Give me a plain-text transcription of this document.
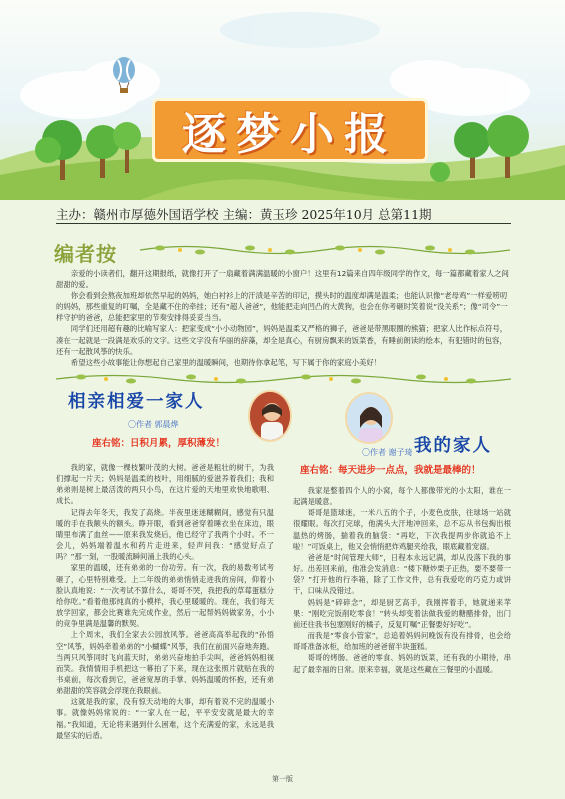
逐梦小报
主办：赣州市厚德外国语学校 主编：黄玉珍 2025年10月 总第11期
编者按

亲爱的小读者们，翻开这期报纸，就像打开了一扇藏着满满温暖的小窗户！这里有12篇来自四年级同学的作文，每一篇都藏着家人之间甜甜的爱。

你会看到会熬夜加班却依然早起的妈妈，她白衬衫上的汗渍是辛苦的印记，摸头时的温度却满是温柔；也能认识像“老母鸡”一样爱唠叨的妈妈，那些重复的叮嘱，全是藏不住的牵挂；还有“超人爸爸”，他能把走向凹凸的大黄狗，也会在你考砸时笑着说“没关系”；像“司令”一样守护的爸爸，总能把家里的节奏安排得妥妥当当。

同学们还用超有趣的比喻写家人：把家变成“小小动物园”，妈妈是温柔又严格的狮子，爸爸是带黑眼圈的熊猫；把家人比作标点符号，凑在一起就是一段满是欢乐的文字。这些文字没有华丽的辞藻，却全是真心，有厨房飘来的饭菜香，有睡前朗读的绘本，有犯错时的包容，还有一起散风筝的快乐。

希望这些小故事能让你想起自己家里的温暖瞬间，也期待你拿起笔，写下属于你的家庭小美好！

相亲相爱一家人
〇作者 郭晨烨
座右铭：日积月累，厚积薄发！

我的家，就像一棵枝繁叶茂的大树。爸爸是粗壮的树干，为我们撑起一片天；妈妈是温柔的枝叶，用细腻的爱滋养着我们；我和弟弟则是树上最活泼的两只小鸟，在这片爱的天地里欢快地歌唱、成长。

记得去年冬天，我发了高烧。半夜里迷迷糊糊间，感觉有只温暖的手在我额头的额头。睁开眼，看到爸爸穿着睡衣坐在床边，眼睛里布满了血丝——原来我发烧后，他已经守了我两个小时。不一会儿，妈妈端着温水和药片走进来，轻声问我：“感觉好点了吗？”那一刻，一股暖流瞬间涌上我的心头。

家里的温暖，还有弟弟的一份功劳。有一次，我的易数考试考砸了，心里特别难受。上二年级的弟弟悄悄走进我的房间，仰着小脸认真地说：“一次考试不算什么，哥哥不哭，我把我的草莓蛋糕分给你吃。”看着他那纯真的小模样，我心里暖暖的。现在，我们每天放学回家，都会比赛谁先完成作业，然后一起帮妈妈做家务，小小的竞争里满是温馨的默契。

上个周末，我们全家去公园放风筝。爸爸高高举起我的“孙悟空”风筝，妈妈牵着弟弟的“小蝴蝶”风筝，我们在前面兴奋地奔跑。当两只风筝同时飞向蓝天时，弟弟兴奋地拍手尖叫，爸爸妈妈相视而笑。我情情用手机把这一幕拍了下来，现在这张照片就贴在我的书桌前，每次看到它，爸爸宽厚的手掌、妈妈温暖的怀抱，还有弟弟甜甜的笑容就会浮现在我眼前。

这就是我的家，没有惊天动地的大事，却有着说不完的温暖小事。就像妈妈常说的：“一家人在一起，平平安安就是最大的幸福。”我知道，无论将来遇到什么困难，这个充满爱的家，永远是我最坚实的后盾。

我的家人
〇作者 谢子琦
座右铭：每天进步一点点，我就是最棒的！

我家是整着四个人的小窝，每个人都像带光的小太阳，谁在一起满是暖意。

哥哥是篮球迷，一米八五的个子，小麦色皮肤，往球场一站就很耀眼。每次打完球，他满头大汗地冲回来，总不忘从书包掏出根温热的烤肠，揣着我的脑袋：“再吃，下次我提两步你就追不上啦！”可饭桌上，他又会悄悄把炸鸡腿夹给我，眼底藏着宠溺。

爸爸是“时间管理大师”，日程本永远记满，却从没落下我的事好。出差回来前，他准会发消息：“楼下糖炒栗子正热，要不要带一袋？”打开他的行李箱，除了工作文件，总有我爱吃的巧克力或饼干，口味从没错过。

妈妈是“碎碎念”，却是厨艺高手，我刚挥着手，她就递来苹果：“刚吃完饭削吃零食！”转头却变着法做我爱的糖醋排骨，出门前还往我书包塞刚好的橘子，反复叮嘱“正餐要好好吃”。

而我是“零食小管家”，总追着妈妈问晚饭有没有排骨，也会给哥哥准备冰柜，给加班的爸爸留半块蛋糕。

哥哥的烤肠、爸爸的零食、妈妈的饭菜，还有我的小期待，串起了最幸福的日常。原来幸福，就是这些藏在三餐里的小温暖。

第一版
